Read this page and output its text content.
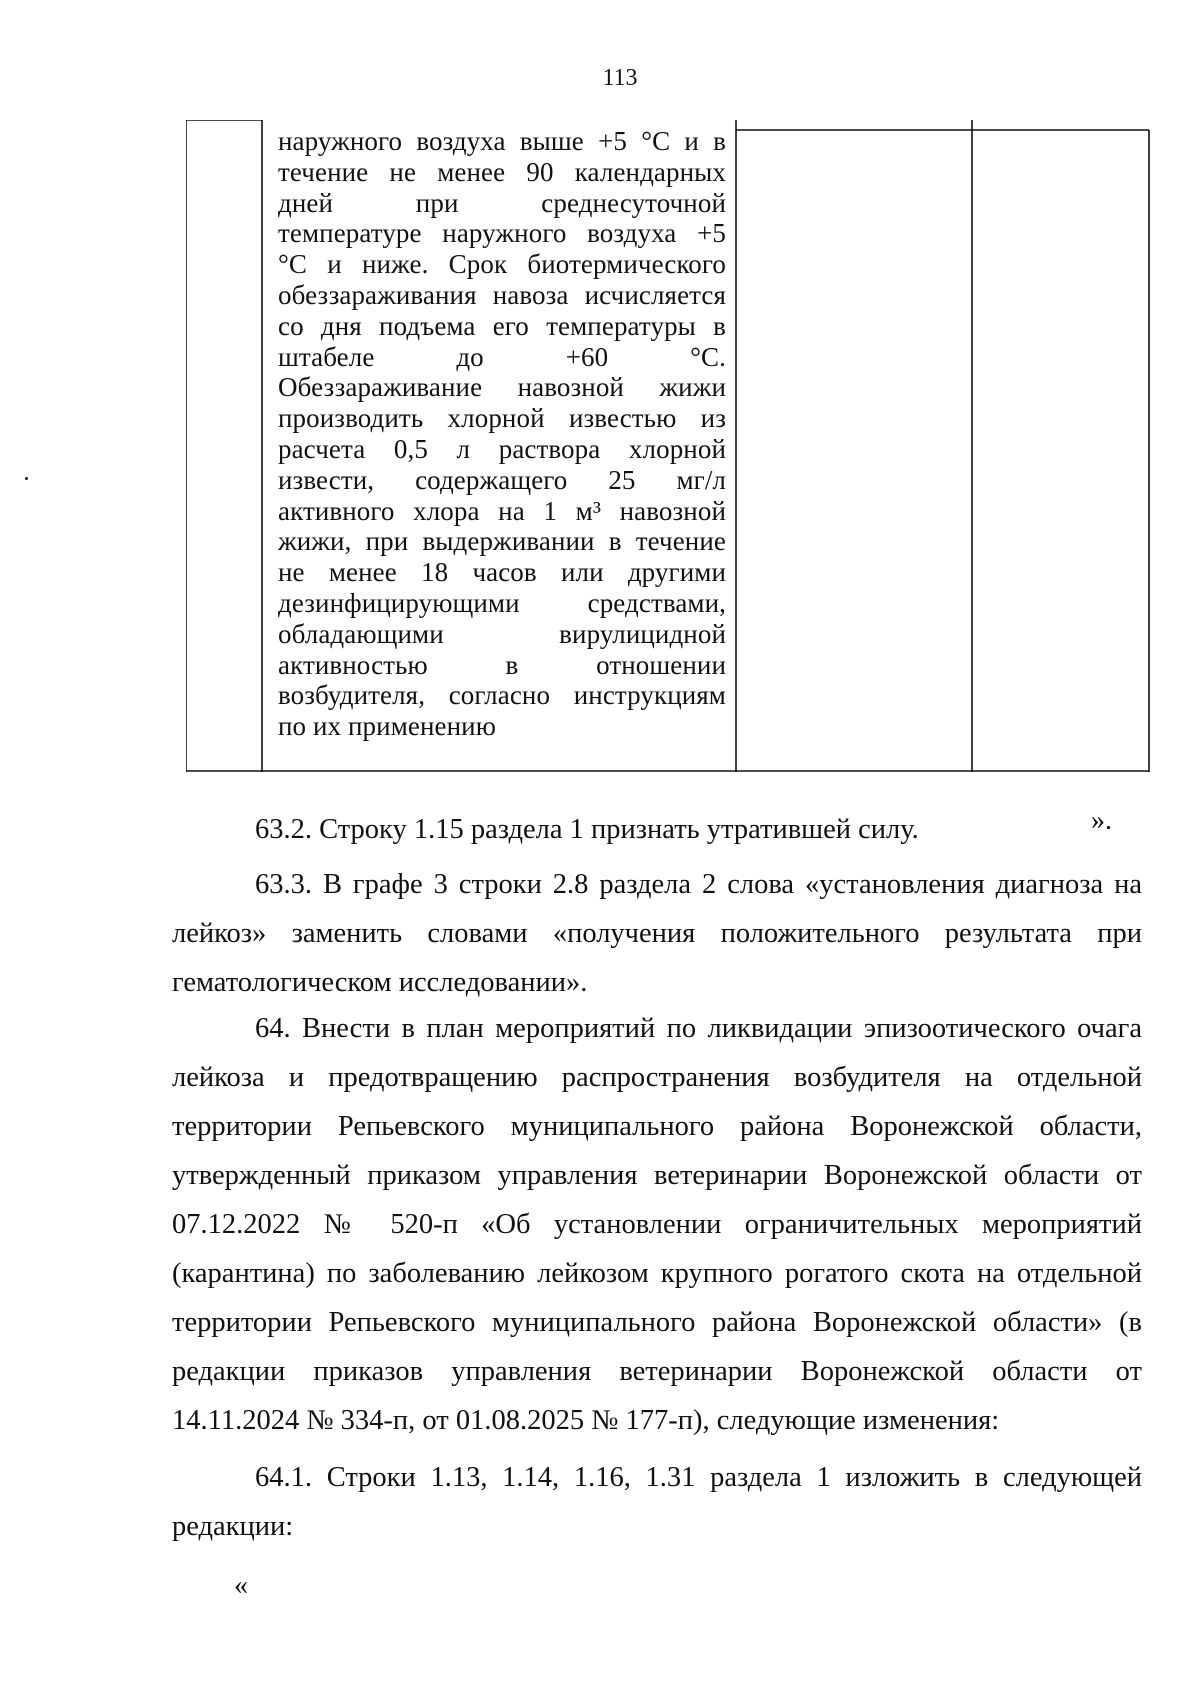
113
наружного воздуха выше +5 °С и в
течение не менее 90 календарных
дней при среднесуточной
температуре наружного воздуха +5
°С и ниже. Срок биотермического
обеззараживания навоза исчисляется
со дня подъема его температуры в
штабеле до +60 °С.
Обеззараживание навозной жижи
производить хлорной известью из
расчета 0,5 л раствора хлорной
извести, содержащего 25 мг/л
активного хлора на 1 м³ навозной
жижи, при выдерживании в течение
не менее 18 часов или другими
дезинфицирующими средствами,
обладающими вирулицидной
активностью в отношении
возбудителя, согласно инструкциям
по их применению
».
63.2. Строку 1.15 раздела 1 признать утратившей силу.
63.3. В графе 3 строки 2.8 раздела 2 слова «установления диагноза на
лейкоз» заменить словами «получения положительного результата при
гематологическом исследовании».
64. Внести в план мероприятий по ликвидации эпизоотического очага
лейкоза и предотвращению распространения возбудителя на отдельной
территории Репьевского муниципального района Воронежской области,
утвержденный приказом управления ветеринарии Воронежской области от
07.12.2022 № 520-п «Об установлении ограничительных мероприятий
(карантина) по заболеванию лейкозом крупного рогатого скота на отдельной
территории Репьевского муниципального района Воронежской области» (в
редакции приказов управления ветеринарии Воронежской области от
14.11.2024 № 334-п, от 01.08.2025 № 177-п), следующие изменения:
64.1. Строки 1.13, 1.14, 1.16, 1.31 раздела 1 изложить в следующей
редакции:
«
